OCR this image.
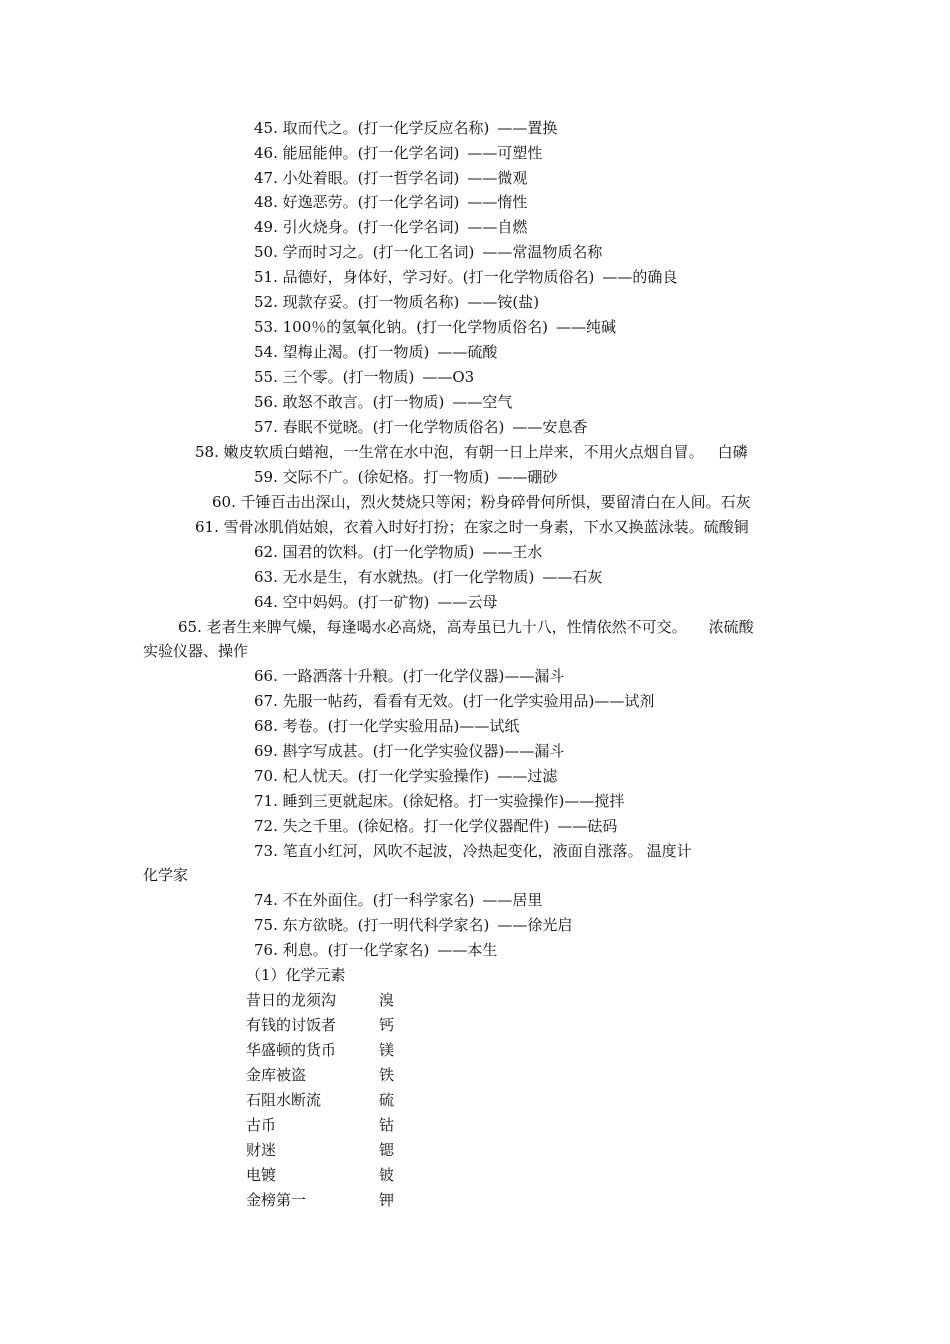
45. 取而代之。(打一化学反应名称) ——置换
46. 能屈能伸。(打一化学名词) ——可塑性
47. 小处着眼。(打一哲学名词) ——微观
48. 好逸恶劳。(打一化学名词) ——惰性
49. 引火烧身。(打一化学名词) ——自燃
50. 学而时习之。(打一化工名词) ——常温物质名称
51. 品德好，身体好，学习好。(打一化学物质俗名) ——的确良
52. 现款存妥。(打一物质名称) ——铵(盐)
53. 100％的氢氧化钠。(打一化学物质俗名) ——纯碱
54. 望梅止渴。(打一物质) ——硫酸
55. 三个零。(打一物质) ——O3
56. 敢怒不敢言。(打一物质) ——空气
57. 春眠不觉晓。(打一化学物质俗名) ——安息香
58. 嫩皮软质白蜡袍，一生常在水中泡，有朝一日上岸来，不用火点烟自冒。 白磷
59. 交际不广。(徐妃格。打一物质) ——硼砂
60. 千锤百击出深山，烈火焚烧只等闲；粉身碎骨何所惧，要留清白在人间。石灰
61. 雪骨冰肌俏姑娘，衣着入时好打扮；在家之时一身素，下水又换蓝泳装。硫酸铜
62. 国君的饮料。(打一化学物质) ——王水
63. 无水是生，有水就热。(打一化学物质) ——石灰
64. 空中妈妈。(打一矿物) ——云母
65. 老者生来脾气燥，每逢喝水必高烧，高寿虽已九十八，性情依然不可交。 浓硫酸
实验仪器、操作
66. 一路洒落十升粮。(打一化学仪器)——漏斗
67. 先服一帖药，看看有无效。(打一化学实验用品)——试剂
68. 考卷。(打一化学实验用品)——试纸
69. 斟字写成甚。(打一化学实验仪器)——漏斗
70. 杞人忧天。(打一化学实验操作) ——过滤
71. 睡到三更就起床。(徐妃格。打一实验操作)——搅拌
72. 失之千里。(徐妃格。打一化学仪器配件) ——砝码
73. 笔直小红河，风吹不起波，冷热起变化，液面自涨落。 温度计
化学家
74. 不在外面住。(打一科学家名) ——居里
75. 东方欲晓。(打一明代科学家名) ——徐光启
76. 利息。(打一化学家名) ——本生
（1）化学元素
昔日的龙须沟	溴
有钱的讨饭者	钙
华盛顿的货币	镁
金库被盗	铁
石阻水断流	硫
古币	钴
财迷	锶
电镀	铍
金榜第一	钾
